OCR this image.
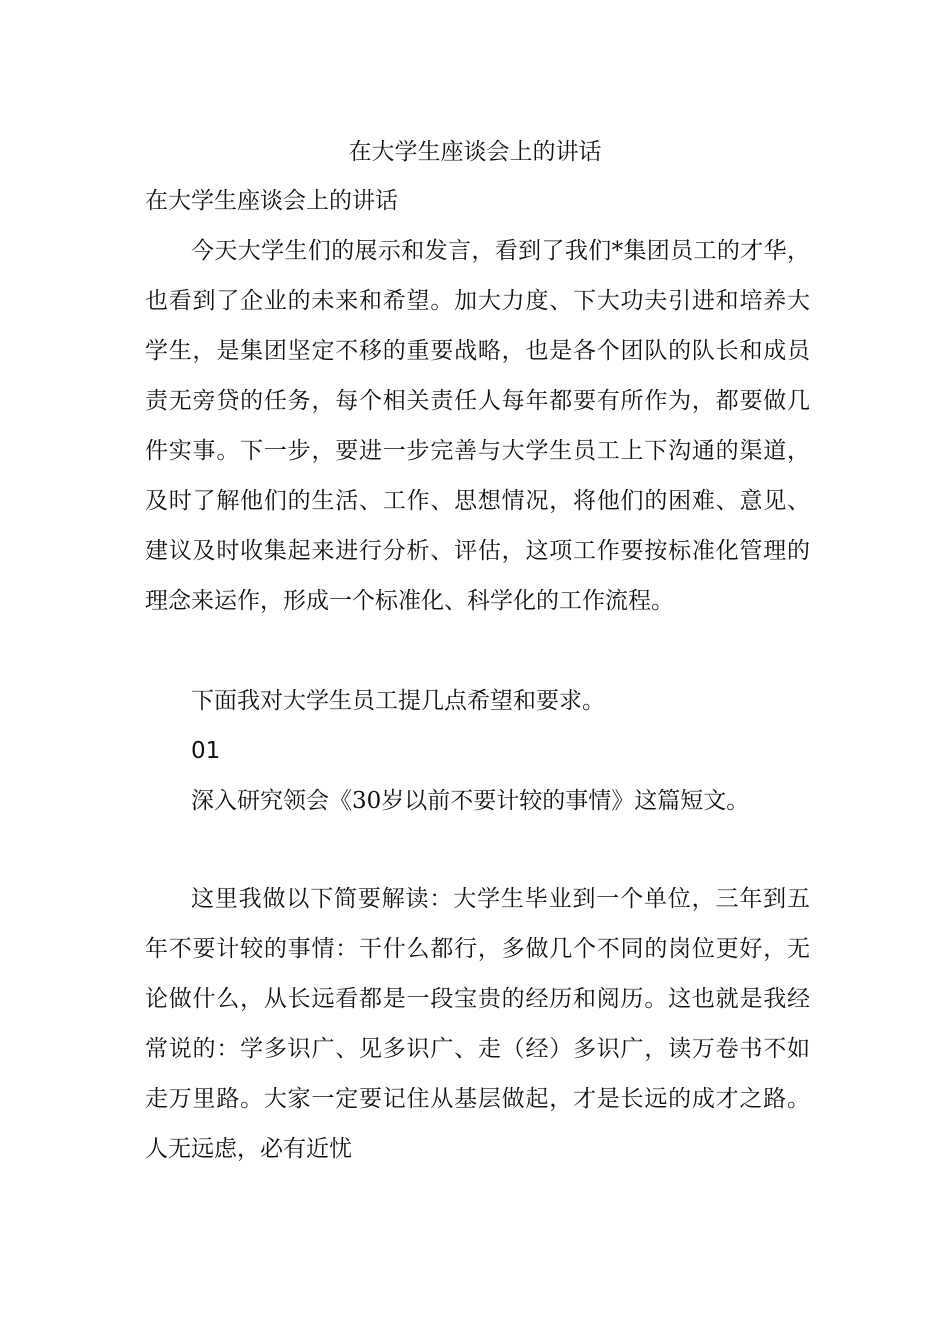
在大学生座谈会上的讲话
在大学生座谈会上的讲话

今天大学生们的展示和发言，看到了我们*集团员工的才华，也看到了企业的未来和希望。加大力度、下大功夫引进和培养大学生，是集团坚定不移的重要战略，也是各个团队的队长和成员责无旁贷的任务，每个相关责任人每年都要有所作为，都要做几件实事。下一步，要进一步完善与大学生员工上下沟通的渠道，及时了解他们的生活、工作、思想情况，将他们的困难、意见、建议及时收集起来进行分析、评估，这项工作要按标准化管理的理念来运作，形成一个标准化、科学化的工作流程。

下面我对大学生员工提几点希望和要求。

01

深入研究领会《30岁以前不要计较的事情》这篇短文。

这里我做以下简要解读：大学生毕业到一个单位，三年到五年不要计较的事情：干什么都行，多做几个不同的岗位更好，无论做什么，从长远看都是一段宝贵的经历和阅历。这也就是我经常说的：学多识广、见多识广、走（经）多识广，读万卷书不如走万里路。大家一定要记住从基层做起，才是长远的成才之路。人无远虑，必有近忧
